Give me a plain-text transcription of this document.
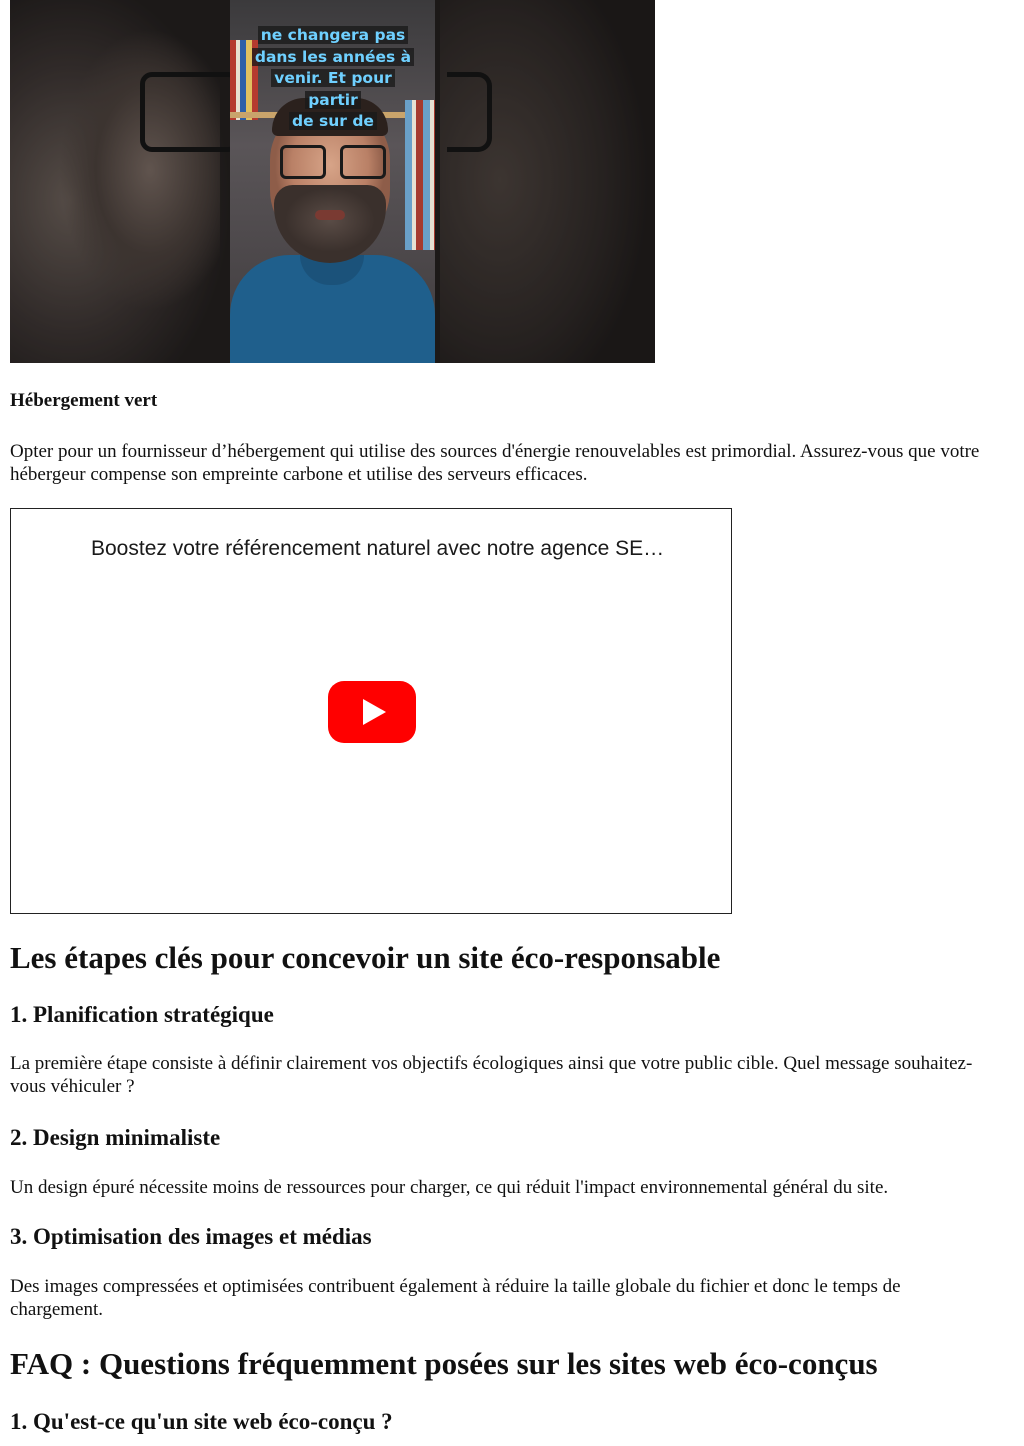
ne changera pas
dans les années à
venir. Et pour partir
de sur de
Hébergement vert

Opter pour un fournisseur d’hébergement qui utilise des sources d'énergie renouvelables est primordial. Assurez-vous que votre hébergeur compense son empreinte carbone et utilise des serveurs efficaces.

Boostez votre référencement naturel avec notre agence SE…
Les étapes clés pour concevoir un site éco-responsable
1. Planification stratégique

La première étape consiste à définir clairement vos objectifs écologiques ainsi que votre public cible. Quel message souhaitez-vous véhiculer ?

2. Design minimaliste

Un design épuré nécessite moins de ressources pour charger, ce qui réduit l'impact environnemental général du site.

3. Optimisation des images et médias

Des images compressées et optimisées contribuent également à réduire la taille globale du fichier et donc le temps de chargement.

FAQ : Questions fréquemment posées sur les sites web éco-conçus
1. Qu'est-ce qu'un site web éco-conçu ?
